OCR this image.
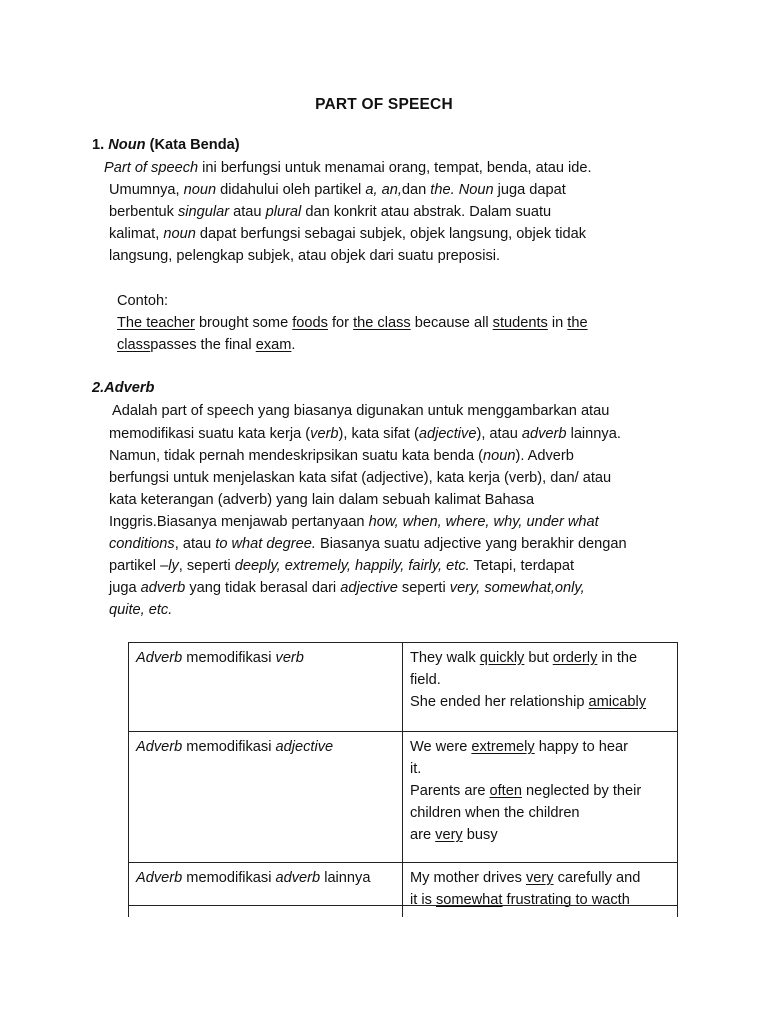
PART OF SPEECH
1. Noun (Kata Benda)
Part of speech ini berfungsi untuk menamai orang, tempat, benda, atau ide.
Umumnya, noun didahului oleh partikel a, an,dan the. Noun juga dapat
berbentuk singular atau plural dan konkrit atau abstrak. Dalam suatu
kalimat, noun dapat berfungsi sebagai subjek, objek langsung, objek tidak
langsung, pelengkap subjek, atau objek dari suatu preposisi.
Contoh:
The teacher brought some foods for the class because all students in the
classpasses the final exam.
2.Adverb
Adalah part of speech yang biasanya digunakan untuk menggambarkan atau
memodifikasi suatu kata kerja (verb), kata sifat (adjective), atau adverb lainnya.
Namun, tidak pernah mendeskripsikan suatu kata benda (noun). Adverb
berfungsi untuk menjelaskan kata sifat (adjective), kata kerja (verb), dan/ atau
kata keterangan (adverb) yang lain dalam sebuah kalimat Bahasa
Inggris.Biasanya menjawab pertanyaan how, when, where, why, under what
conditions, atau to what degree. Biasanya suatu adjective yang berakhir dengan
partikel –ly, seperti deeply, extremely, happily, fairly, etc. Tetapi, terdapat
juga adverb yang tidak berasal dari adjective seperti very, somewhat,only,
quite, etc.
Adverb memodifikasi verb	They walk quickly but orderly in the
field.
She ended her relationship amicably

Adverb memodifikasi adjective	We were extremely happy to hear
it.
Parents are often neglected by their
children when the children
are very busy

Adverb memodifikasi adverb lainnya	My mother drives very carefully and
it is somewhat frustrating to wacth
